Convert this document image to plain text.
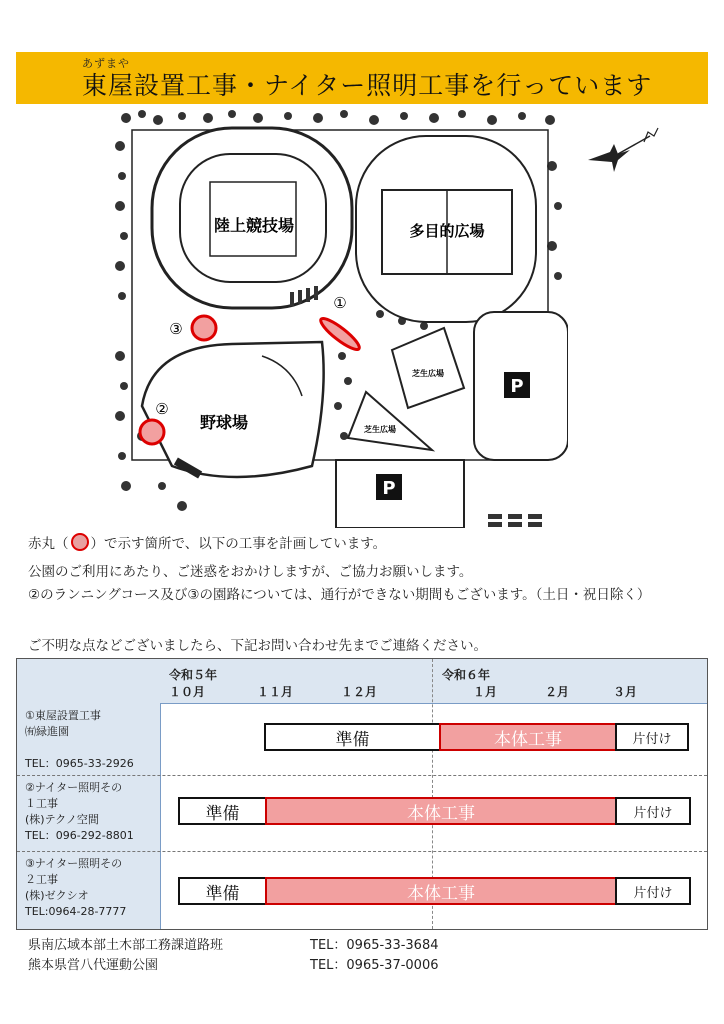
あずまや
東屋設置工事・ナイター照明工事を行っています
陸上競技場	多目的広場
野球場
芝生広場
芝生広場
P
P
①
②
③
赤丸（ ）で示す箇所で、以下の工事を計画しています。
公園のご利用にあたり、ご迷惑をおかけしますが、ご協力お願いします。
②のランニングコース及び③の園路については、通行ができない期間もございます。（土日・祝日除く）
ご不明な点などございましたら、下記お問い合わせ先までご連絡ください。
令和５年	令和６年
１０月	１１月	１２月	１月	２月	３月
①東屋設置工事
㈲緑進園
TEL：0965-33-2926
準備	本体工事	片付け
②ナイター照明その
１工事
(株)テクノ空間
TEL：096-292-8801
準備	本体工事	片付け
③ナイター照明その
２工事
(株)ゼクシオ
TEL:0964-28-7777
準備	本体工事	片付け
県南広域本部土木部工務課道路班	TEL：0965-33-3684
熊本県営八代運動公園	TEL：0965-37-0006
